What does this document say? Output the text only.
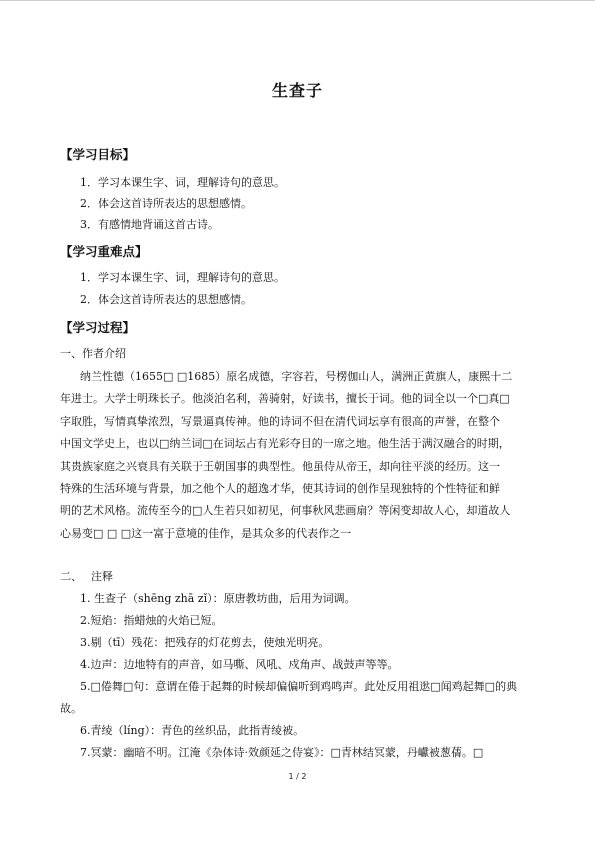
生查子
【学习目标】
1．学习本课生字、词，理解诗句的意思。
2．体会这首诗所表达的思想感情。
3．有感情地背诵这首古诗。
【学习重难点】
1．学习本课生字、词，理解诗句的意思。
2．体会这首诗所表达的思想感情。
【学习过程】
一、作者介绍
纳兰性德（1655□ □1685）原名成德，字容若，号楞伽山人，满洲正黄旗人，康熙十二
年进士。大学士明珠长子。他淡泊名利，善骑射，好读书，擅长于词。他的词全以一个□真□
字取胜，写情真挚浓烈，写景逼真传神。他的诗词不但在清代词坛享有很高的声誉，在整个
中国文学史上，也以□纳兰词□在词坛占有光彩夺目的一席之地。他生活于满汉融合的时期，
其贵族家庭之兴衰具有关联于王朝国事的典型性。他虽侍从帝王，却向往平淡的经历。这一
特殊的生活环境与背景，加之他个人的超逸才华，使其诗词的创作呈现独特的个性特征和鲜
明的艺术风格。流传至今的□人生若只如初见，何事秋风悲画扇？等闲变却故人心，却道故人
心易变□ □ □这一富于意境的佳作，是其众多的代表作之一
二、　 注释
1. 生查子（shēng zhā zǐ）：原唐教坊曲，后用为词调。
2.短焰：指蜡烛的火焰已短。
3.剔（tī）残花：把残存的灯花剪去，使烛光明亮。
4.边声：边地特有的声音，如马嘶、风吼、戍角声、战鼓声等等。
5.□倦舞□句：意谓在倦于起舞的时候却偏偏听到鸡鸣声。此处反用祖逖□闻鸡起舞□的典
故。
6.青绫（líng）：青色的丝织品，此指青绫被。
7.冥蒙：幽暗不明。江淹《杂体诗·效颜延之侍宴》：□青林结冥蒙，丹巘被葱蒨。□
1 / 2
